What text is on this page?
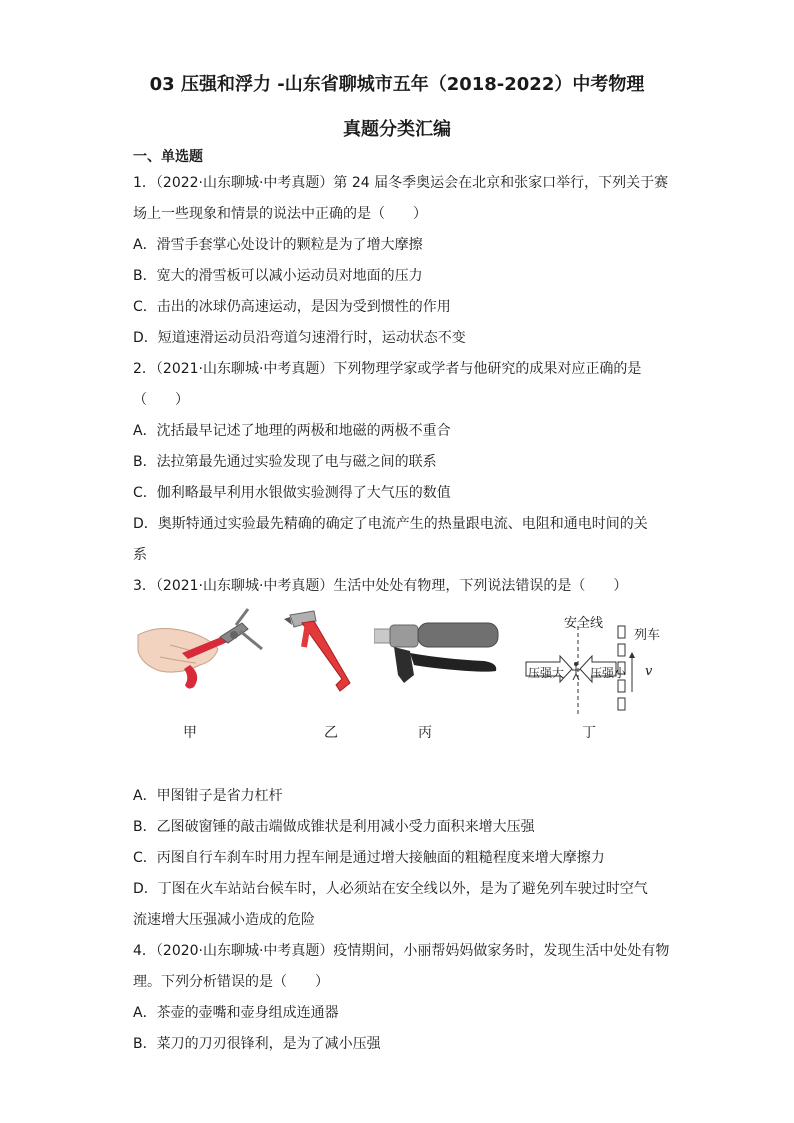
03 压强和浮力 -山东省聊城市五年（2018-2022）中考物理
真题分类汇编
一、单选题
1．（2022·山东聊城·中考真题）第 24 届冬季奥运会在北京和张家口举行，下列关于赛
场上一些现象和情景的说法中正确的是（　　）
A．滑雪手套掌心处设计的颗粒是为了增大摩擦
B．宽大的滑雪板可以减小运动员对地面的压力
C．击出的冰球仍高速运动，是因为受到惯性的作用
D．短道速滑运动员沿弯道匀速滑行时，运动状态不变
2．（2021·山东聊城·中考真题）下列物理学家或学者与他研究的成果对应正确的是
（　　）
A．沈括最早记述了地理的两极和地磁的两极不重合
B．法拉第最先通过实验发现了电与磁之间的联系
C．伽利略最早利用水银做实验测得了大气压的数值
D．奥斯特通过实验最先精确的确定了电流产生的热量跟电流、电阻和通电时间的关
系
3．（2021·山东聊城·中考真题）生活中处处有物理，下列说法错误的是（　　）
安全线
列车
压强大 压强小 v
甲	乙	丙	丁
A．甲图钳子是省力杠杆
B．乙图破窗锤的敲击端做成锥状是利用减小受力面积来增大压强
C．丙图自行车刹车时用力捏车闸是通过增大接触面的粗糙程度来增大摩擦力
D．丁图在火车站站台候车时，人必须站在安全线以外，是为了避免列车驶过时空气
流速增大压强减小造成的危险
4．（2020·山东聊城·中考真题）疫情期间，小丽帮妈妈做家务时，发现生活中处处有物
理。下列分析错误的是（　　）
A．茶壶的壶嘴和壶身组成连通器
B．菜刀的刀刃很锋利，是为了减小压强
